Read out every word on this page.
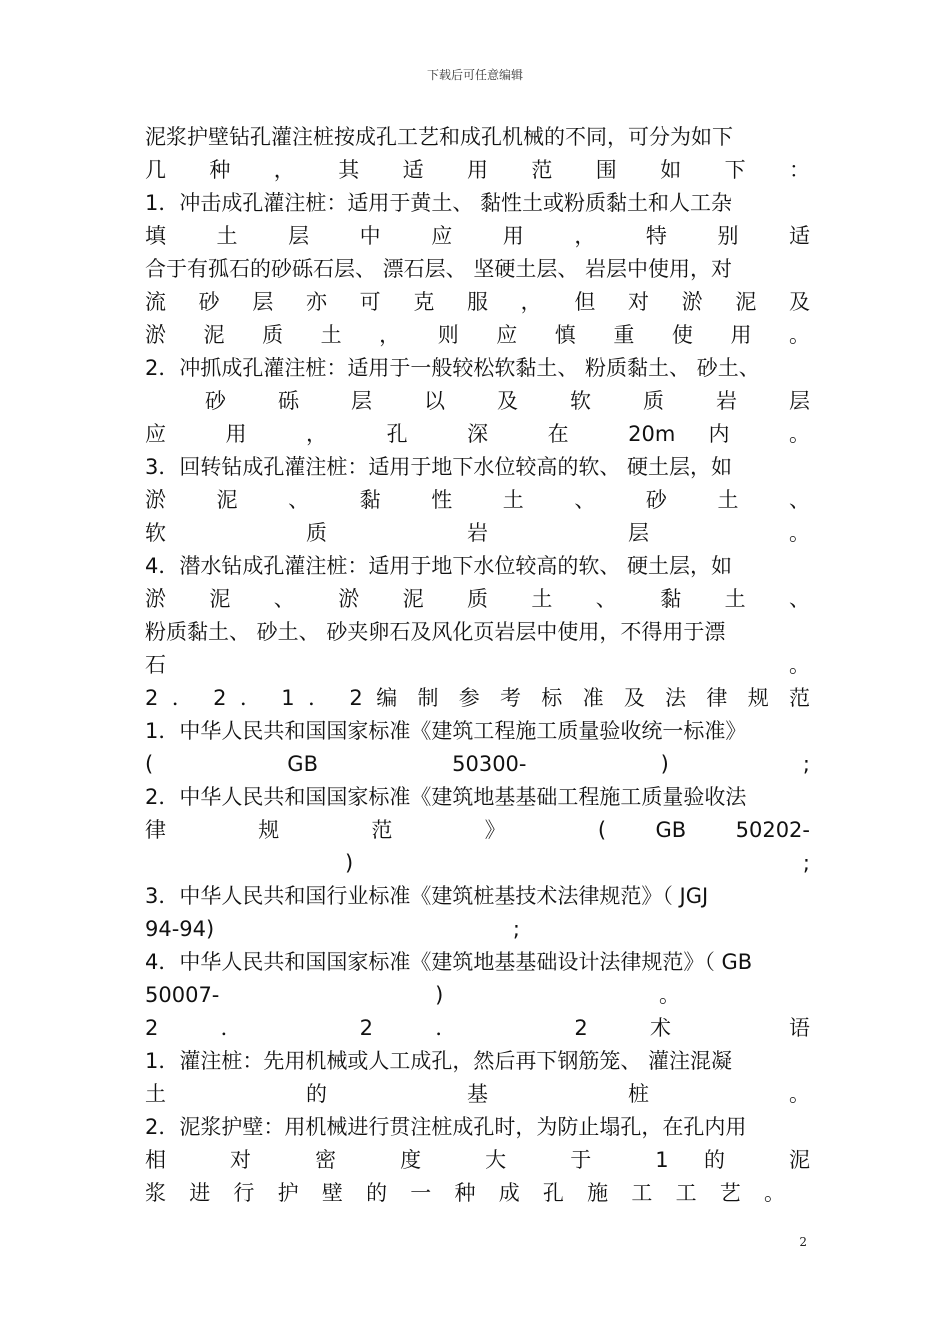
下载后可任意编辑
泥浆护壁钻孔灌注桩按成孔工艺和成孔机械的不同，可分为如下
几 种 ， 其 适 用 范 围 如 下 ：
1．冲击成孔灌注桩：适用于黄土、 黏性土或粉质黏土和人工杂
填 土 层 中 应 用 ， 特 别 适
合于有孤石的砂砾石层、 漂石层、 坚硬土层、 岩层中使用，对
流 砂 层 亦 可 克 服 ， 但 对 淤 泥 及
淤 泥 质 土 ， 则 应 慎 重 使 用 。
2．冲抓成孔灌注桩：适用于一般较松软黏土、 粉质黏土、 砂土、
砂 砾 层 以 及 软 质 岩 层
应 用 ， 孔 深 在 20m 内 。
3．回转钻成孔灌注桩：适用于地下水位较高的软、 硬土层，如
淤 泥 、 黏 性 土 、 砂 土 、
软 质 岩 层 。
4．潜水钻成孔灌注桩：适用于地下水位较高的软、 硬土层，如
淤 泥 、 淤 泥 质 土 、 黏 土 、
粉质黏土、 砂土、 砂夹卵石及风化页岩层中使用，不得用于漂
石 。
2 ． 2 ． 1 ． 2 编 制 参 考 标 准 及 法 律 规 范
1．中华人民共和国国家标准《建筑工程施工质量验收统一标准》
( GB 50300- ) ;
2．中华人民共和国国家标准《建筑地基基础工程施工质量验收法
律 规 范 》 ( GB 50202-
) ;
3．中华人民共和国行业标准《建筑桩基技术法律规范》（ JGJ
94-94) ;
4．中华人民共和国国家标准《建筑地基基础设计法律规范》（ GB
50007- ) 。
2 ． 2 ． 2 术 语
1．灌注桩：先用机械或人工成孔，然后再下钢筋笼、 灌注混凝
土 的 基 桩 。
2．泥浆护壁：用机械进行贯注桩成孔时，为防止塌孔，在孔内用
相 对 密 度 大 于 1 的 泥
浆 进 行 护 壁 的 一 种 成 孔 施 工 工 艺 。
2
